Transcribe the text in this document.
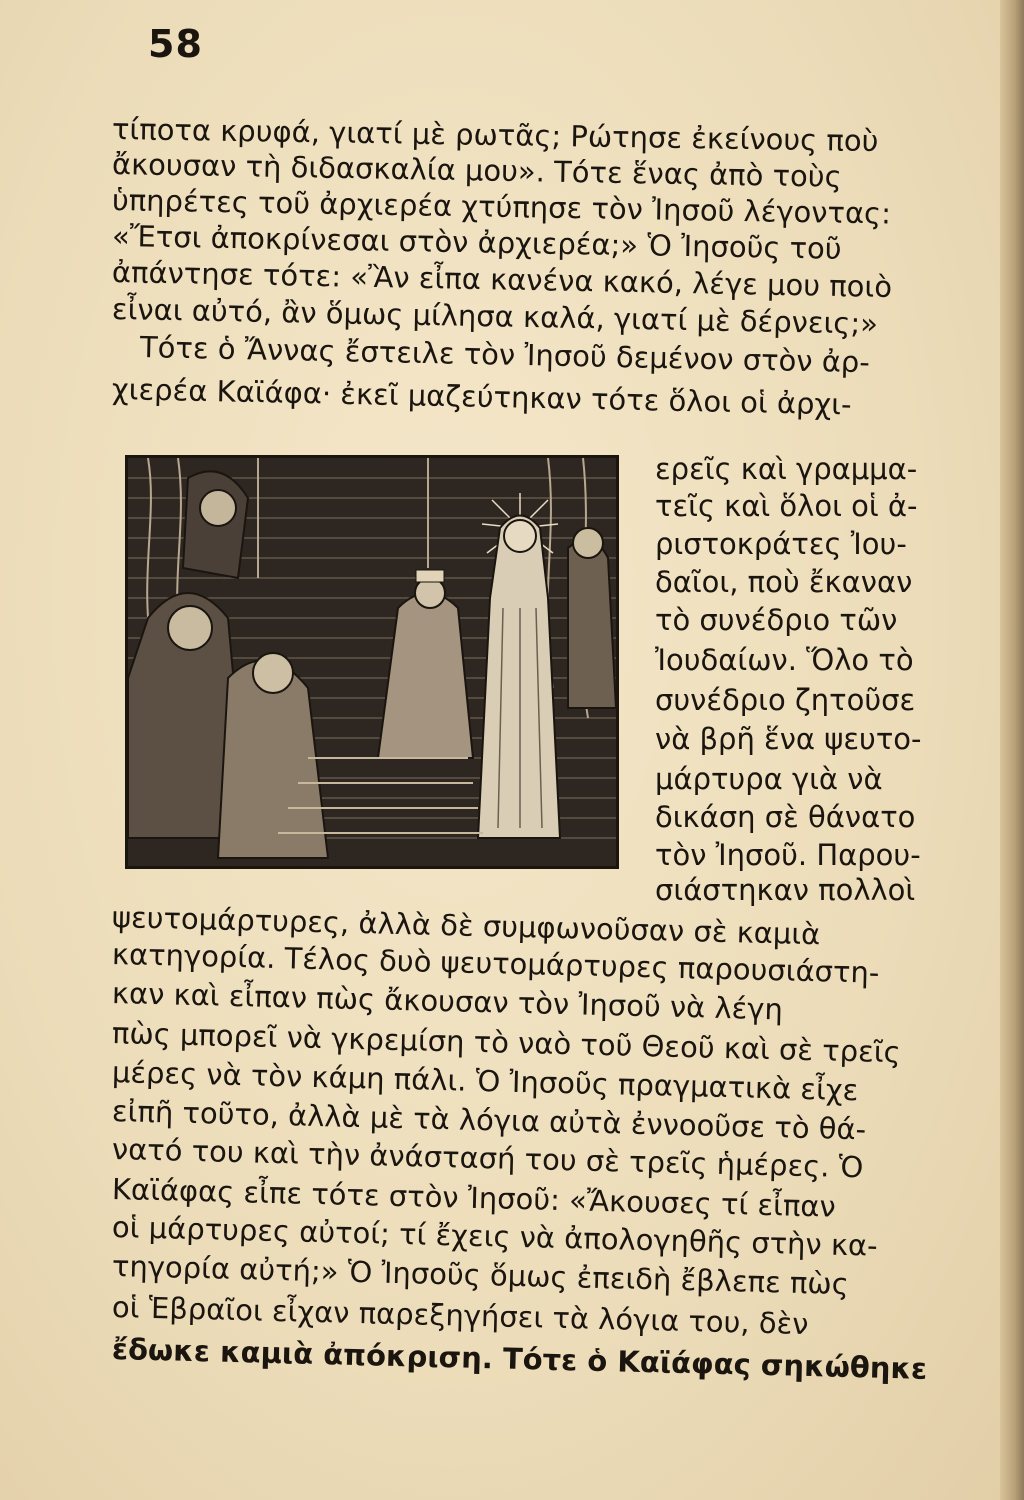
58
τίποτα κρυφά, γιατί μὲ ρωτᾶς; Ρώτησε ἐκείνους ποὺ
ἄκουσαν τὴ διδασκαλία μου». Τότε ἕνας ἀπὸ τοὺς
ὑπηρέτες τοῦ ἀρχιερέα χτύπησε τὸν Ἰησοῦ λέγοντας:
«Ἔτσι ἀποκρίνεσαι στὸν ἀρχιερέα;» Ὁ Ἰησοῦς τοῦ
ἀπάντησε τότε: «Ἂν εἶπα κανένα κακό, λέγε μου ποιὸ
εἶναι αὐτό, ἂν ὅμως μίλησα καλά, γιατί μὲ δέρνεις;»
Τότε ὁ Ἄννας ἔστειλε τὸν Ἰησοῦ δεμένον στὸν ἀρ-
χιερέα Καϊάφα· ἐκεῖ μαζεύτηκαν τότε ὅλοι οἱ ἀρχι-
ερεῖς καὶ γραμμα-
τεῖς καὶ ὅλοι οἱ ἀ-
ριστοκράτες Ἰου-
δαῖοι, ποὺ ἔκαναν
τὸ συνέδριο τῶν
Ἰουδαίων. Ὅλο τὸ
συνέδριο ζητοῦσε
νὰ βρῆ ἕνα ψευτο-
μάρτυρα γιὰ νὰ
δικάση σὲ θάνατο
τὸν Ἰησοῦ. Παρου-
σιάστηκαν πολλοὶ
ψευτομάρτυρες, ἀλλὰ δὲ συμφωνοῦσαν σὲ καμιὰ
κατηγορία. Τέλος δυὸ ψευτομάρτυρες παρουσιάστη-
καν καὶ εἶπαν πὼς ἄκουσαν τὸν Ἰησοῦ νὰ λέγη
πὼς μπορεῖ νὰ γκρεμίση τὸ ναὸ τοῦ Θεοῦ καὶ σὲ τρεῖς
μέρες νὰ τὸν κάμη πάλι. Ὁ Ἰησοῦς πραγματικὰ εἶχε
εἰπῆ τοῦτο, ἀλλὰ μὲ τὰ λόγια αὐτὰ ἐννοοῦσε τὸ θά-
νατό του καὶ τὴν ἀνάστασή του σὲ τρεῖς ἡμέρες. Ὁ
Καϊάφας εἶπε τότε στὸν Ἰησοῦ: «Ἄκουσες τί εἶπαν
οἱ μάρτυρες αὐτοί; τί ἔχεις νὰ ἀπολογηθῆς στὴν κα-
τηγορία αὐτή;» Ὁ Ἰησοῦς ὅμως ἐπειδὴ ἔβλεπε πὼς
οἱ Ἑβραῖοι εἶχαν παρεξηγήσει τὰ λόγια του, δὲν
ἔδωκε καμιὰ ἀπόκριση. Τότε ὁ Καϊάφας σηκώθηκε
